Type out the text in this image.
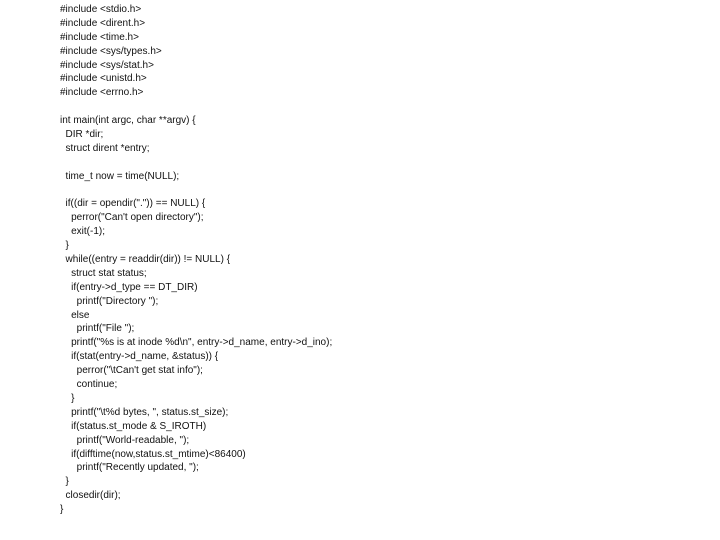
#include <stdio.h>
#include <dirent.h>
#include <time.h>
#include <sys/types.h>
#include <sys/stat.h>
#include <unistd.h>
#include <errno.h>
int main(int argc, char **argv) {
DIR *dir;
struct dirent *entry;
time_t now = time(NULL);
if((dir = opendir(".")) == NULL) {
perror("Can't open directory");
exit(-1);
}
while((entry = readdir(dir)) != NULL) {
struct stat status;
if(entry->d_type == DT_DIR)
printf("Directory ");
else
printf("File ");
printf("%s is at inode %d\n", entry->d_name, entry->d_ino);
if(stat(entry->d_name, &status)) {
perror("\tCan't get stat info");
continue;
}
printf("\t%d bytes, ", status.st_size);
if(status.st_mode & S_IROTH)
printf("World-readable, ");
if(difftime(now,status.st_mtime)<86400)
printf("Recently updated, ");
}
closedir(dir);
}
